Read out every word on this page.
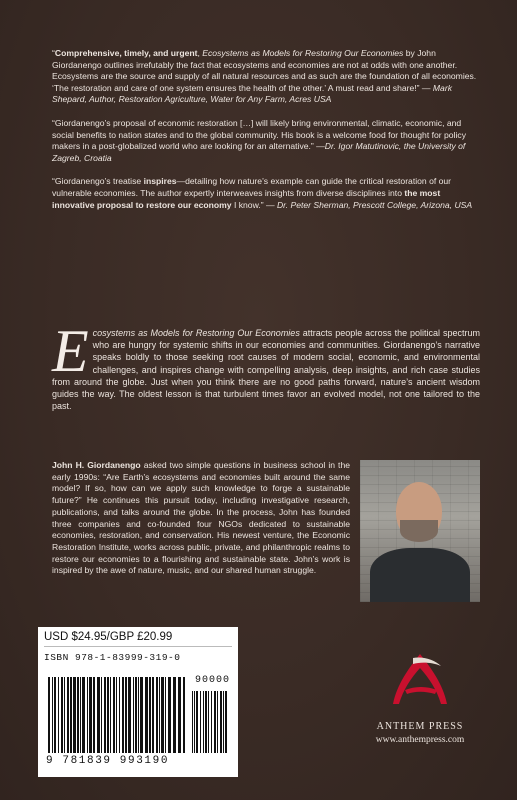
“Comprehensive, timely, and urgent, Ecosystems as Models for Restoring Our Economies by John Giordanengo outlines irrefutably the fact that ecosystems and economies are not at odds with one another. Ecosystems are the source and supply of all natural resources and as such are the foundation of all economies. ‘The restoration and care of one system ensures the health of the other.’ A must read and share!” — Mark Shepard, Author, Restoration Agriculture, Water for Any Farm, Acres USA

“Giordanengo’s proposal of economic restoration […] will likely bring environmental, climatic, economic, and social benefits to nation states and to the global community. His book is a welcome food for thought for policy makers in a post-globalized world who are looking for an alternative.” —Dr. Igor Matutinovic, the University of Zagreb, Croatia

“Giordanengo’s treatise inspires—detailing how nature’s example can guide the critical restoration of our vulnerable economies. The author expertly interweaves insights from diverse disciplines into the most innovative proposal to restore our economy I know.” — Dr. Peter Sherman, Prescott College, Arizona, USA

Ecosystems as Models for Restoring Our Economies attracts people across the political spectrum who are hungry for systemic shifts in our economies and communities. Giordanengo’s narrative speaks boldly to those seeking root causes of modern social, economic, and environmental challenges, and inspires change with compelling analysis, deep insights, and rich case studies from around the globe. Just when you think there are no good paths forward, nature’s ancient wisdom guides the way. The oldest lesson is that turbulent times favor an evolved model, not one tailored to the past.

John H. Giordanengo asked two simple questions in business school in the early 1990s: “Are Earth’s ecosystems and economies built around the same model? If so, how can we apply such knowledge to forge a sustainable future?” He continues this pursuit today, including investigative research, publications, and talks around the globe. In the process, John has founded three companies and co-founded four NGOs dedicated to sustainable economies, restoration, and conservation. His newest venture, the Economic Restoration Institute, works across public, private, and philanthropic realms to restore our economies to a flourishing and sustainable state. John’s work is inspired by the awe of nature, music, and our shared human struggle.

USD $24.95/GBP £20.99
ISBN 978-1-83999-319-0
9 781839 993190
90000
ANTHEM PRESS
www.anthempress.com
